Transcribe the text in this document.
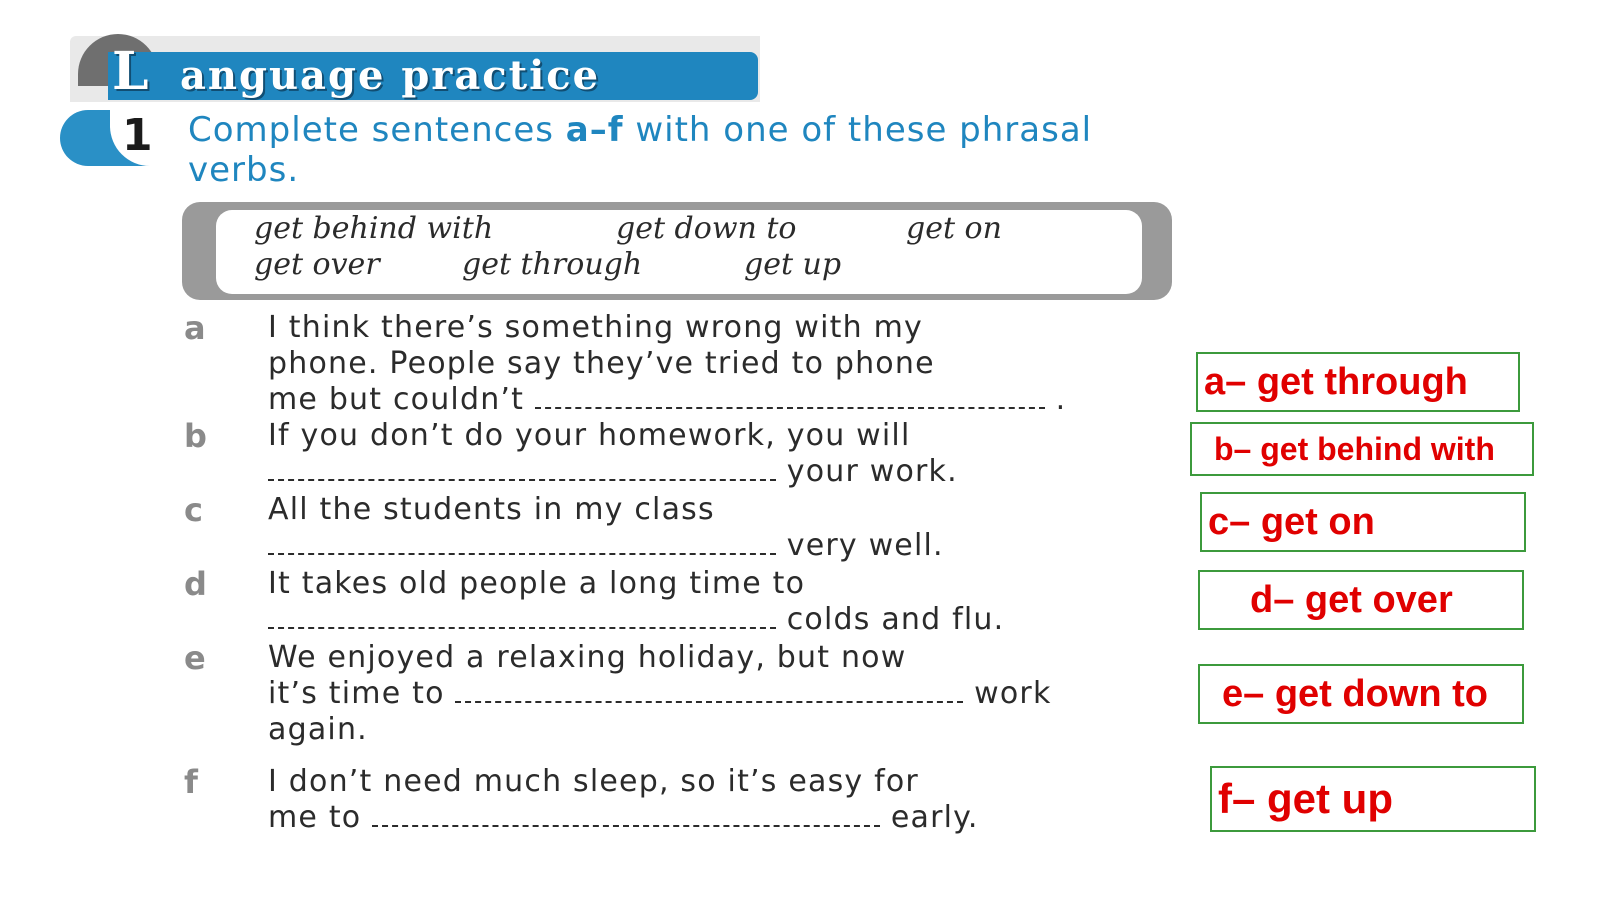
L anguage practice
1 Complete sentences a–f with one of these phrasal verbs.
get behind with	get down to	get on
get over	get through	get up
a I think there’s something wrong with my
phone. People say they’ve tried to phone
me but couldn’t	.
b If you don’t do your homework, you will
your work.
c All the students in my class
very well.
d It takes old people a long time to
colds and flu.
e We enjoyed a relaxing holiday, but now
it’s time to	work
again.
f I don’t need much sleep, so it’s easy for
me to	early.
a– get through
b– get behind with
c– get on
d– get over
e– get down to
f– get up
